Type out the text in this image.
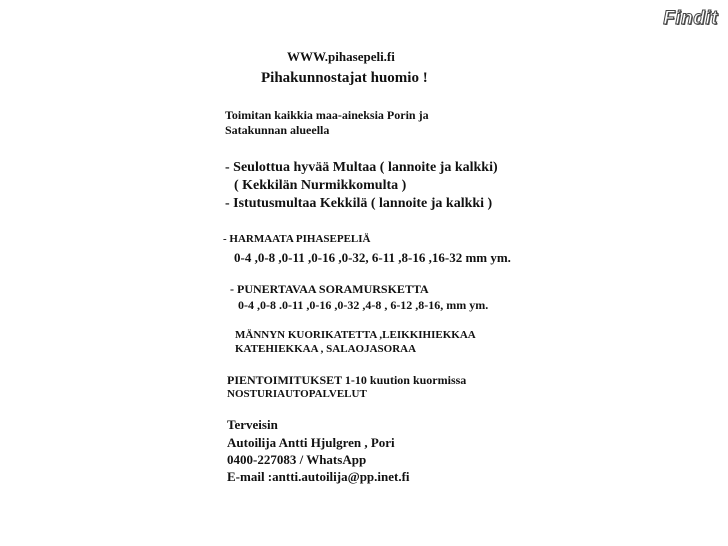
Findit
WWW.pihasepeli.fi
Pihakunnostajat huomio !
Toimitan kaikkia maa-aineksia Porin ja
Satakunnan alueella
- Seulottua hyvää Multaa ( lannoite ja kalkki)
( Kekkilän Nurmikkomulta )
- Istutusmultaa Kekkilä ( lannoite ja kalkki )
- HARMAATA PIHASEPELIÄ
0-4 ,0-8 ,0-11 ,0-16 ,0-32, 6-11 ,8-16 ,16-32 mm ym.
- PUNERTAVAA SORAMURSKETTA
0-4 ,0-8 .0-11 ,0-16 ,0-32 ,4-8 , 6-12 ,8-16, mm ym.
MÄNNYN KUORIKATETTA ,LEIKKIHIEKKAA
KATEHIEKKAA , SALAOJASORAA
PIENTOIMITUKSET 1-10 kuution kuormissa
NOSTURIAUTOPALVELUT
Terveisin
Autoilija Antti Hjulgren , Pori
0400-227083 / WhatsApp
E-mail :antti.autoilija@pp.inet.fi
